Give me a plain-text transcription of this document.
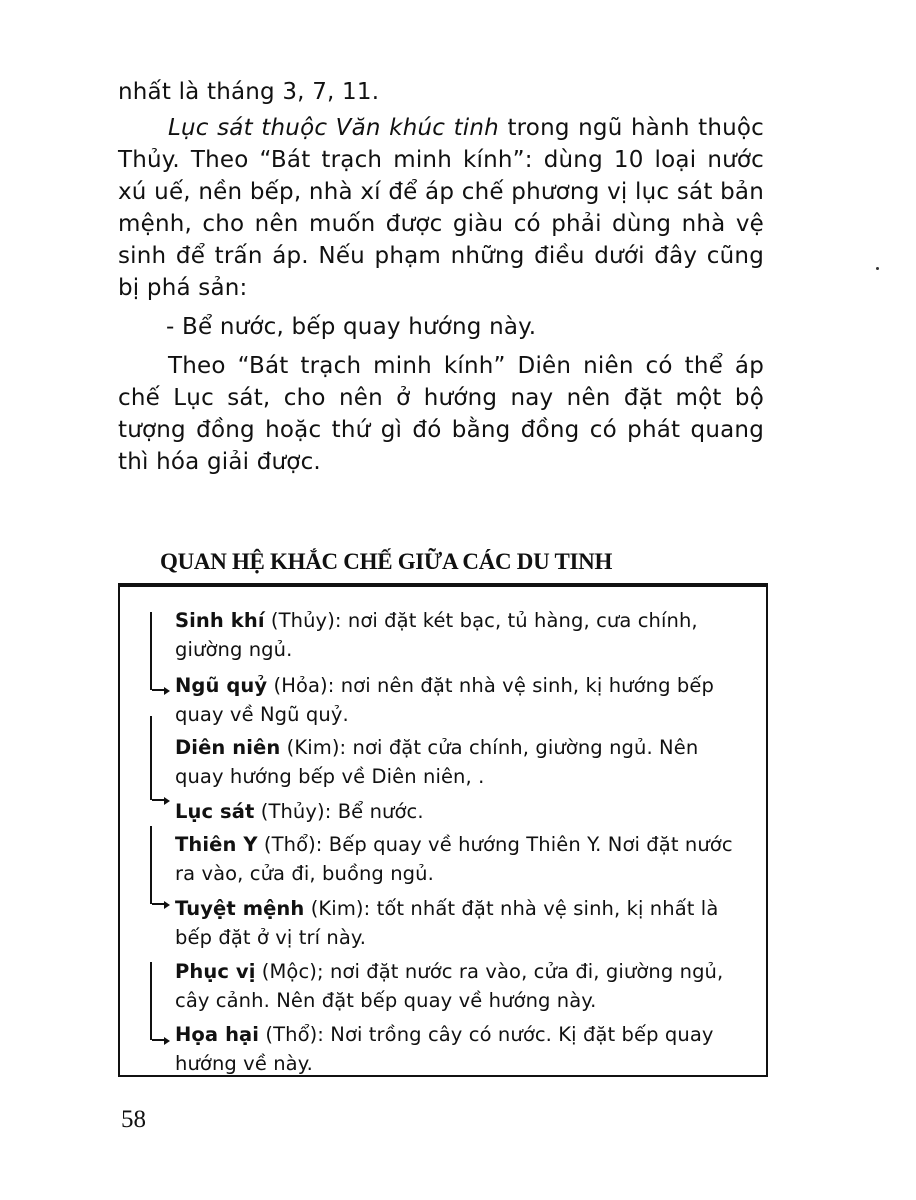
nhất là tháng 3, 7, 11.

Lục sát thuộc Văn khúc tinh trong ngũ hành thuộc Thủy. Theo “Bát trạch minh kính”: dùng 10 loại nước xú uế, nền bếp, nhà xí để áp chế phương vị lục sát bản mệnh, cho nên muốn được giàu có phải dùng nhà vệ sinh để trấn áp. Nếu phạm những điều dưới đây cũng bị phá sản:

- Bể nước, bếp quay hướng này.

Theo “Bát trạch minh kính” Diên niên có thể áp chế Lục sát, cho nên ở hướng nay nên đặt một bộ tượng đồng hoặc thứ gì đó bằng đồng có phát quang thì hóa giải được.

QUAN HỆ KHẮC CHẾ GIỮA CÁC DU TINH
Sinh khí (Thủy): nơi đặt két bạc, tủ hàng, cưa chính, giường ngủ.
Ngũ quỷ (Hỏa): nơi nên đặt nhà vệ sinh, kị hướng bếp quay về Ngũ quỷ.
Diên niên (Kim): nơi đặt cửa chính, giường ngủ. Nên quay hướng bếp về Diên niên, .
Lục sát (Thủy): Bể nước.
Thiên Y (Thổ): Bếp quay về hướng Thiên Y. Nơi đặt nước ra vào, cửa đi, buồng ngủ.
Tuyệt mệnh (Kim): tốt nhất đặt nhà vệ sinh, kị nhất là bếp đặt ở vị trí này.
Phục vị (Mộc); nơi đặt nước ra vào, cửa đi, giường ngủ, cây cảnh. Nên đặt bếp quay về hướng này.
Họa hại (Thổ): Nơi trồng cây có nước. Kị đặt bếp quay hướng về này.
58
